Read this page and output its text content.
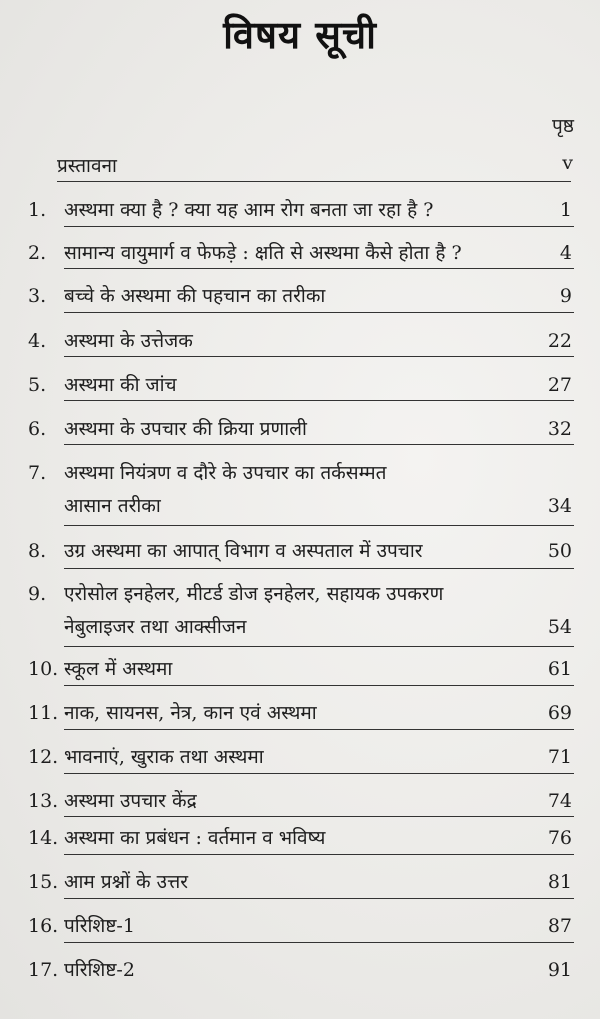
विषय सूची
पृष्ठ
प्रस्तावना	v
1. अस्थमा क्या है ? क्या यह आम रोग बनता जा रहा है ?	1
2. सामान्य वायुमार्ग व फेफड़े : क्षति से अस्थमा कैसे होता है ?	4
3. बच्चे के अस्थमा की पहचान का तरीका	9
4. अस्थमा के उत्तेजक	22
5. अस्थमा की जांच	27
6. अस्थमा के उपचार की क्रिया प्रणाली	32
7. अस्थमा नियंत्रण व दौरे के उपचार का तर्कसम्मत
आसान तरीका	34
8. उग्र अस्थमा का आपात् विभाग व अस्पताल में उपचार	50
9. एरोसोल इनहेलर, मीटर्ड डोज इनहेलर, सहायक उपकरण
नेबुलाइजर तथा आक्सीजन	54
10. स्कूल में अस्थमा	61
11. नाक, सायनस, नेत्र, कान एवं अस्थमा	69
12. भावनाएं, खुराक तथा अस्थमा	71
13. अस्थमा उपचार केंद्र	74
14. अस्थमा का प्रबंधन : वर्तमान व भविष्य	76
15. आम प्रश्नों के उत्तर	81
16. परिशिष्ट-1	87
17. परिशिष्ट-2	91
